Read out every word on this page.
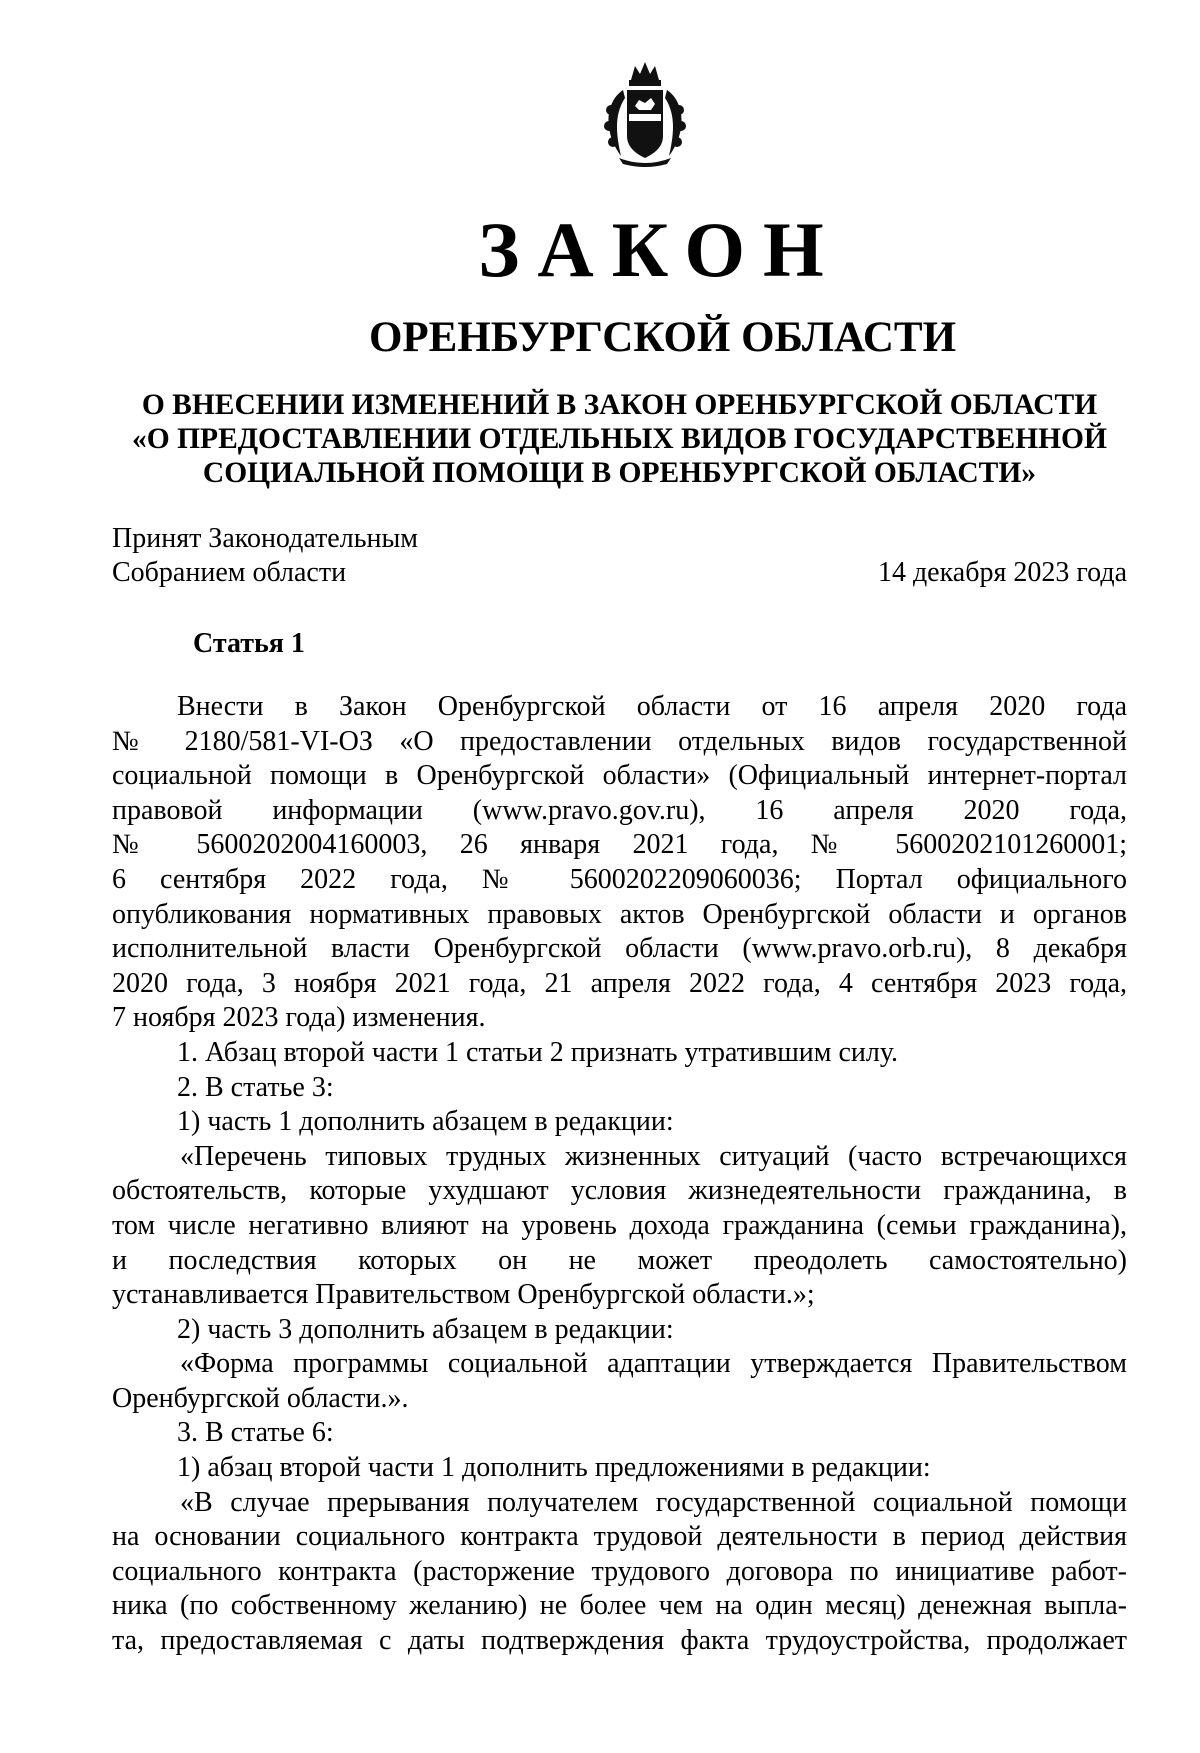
ЗАКОН
ОРЕНБУРГСКОЙ ОБЛАСТИ
О ВНЕСЕНИИ ИЗМЕНЕНИЙ В ЗАКОН ОРЕНБУРГСКОЙ ОБЛАСТИ
«О ПРЕДОСТАВЛЕНИИ ОТДЕЛЬНЫХ ВИДОВ ГОСУДАРСТВЕННОЙ
СОЦИАЛЬНОЙ ПОМОЩИ В ОРЕНБУРГСКОЙ ОБЛАСТИ»
Принят Законодательным
Собранием области	14 декабря 2023 года
Статья 1
Внести в Закон Оренбургской области от 16 апреля 2020 года
№ 2180/581-VI-ОЗ «О предоставлении отдельных видов государственной
социальной помощи в Оренбургской области» (Официальный интернет-портал
правовой информации (www.pravo.gov.ru), 16 апреля 2020 года,
№ 5600202004160003, 26 января 2021 года, № 5600202101260001;
6 сентября 2022 года, № 5600202209060036; Портал официального
опубликования нормативных правовых актов Оренбургской области и органов
исполнительной власти Оренбургской области (www.pravo.orb.ru), 8 декабря
2020 года, 3 ноября 2021 года, 21 апреля 2022 года, 4 сентября 2023 года,
7 ноября 2023 года) изменения.
1. Абзац второй части 1 статьи 2 признать утратившим силу.
2. В статье 3:
1) часть 1 дополнить абзацем в редакции:
«Перечень типовых трудных жизненных ситуаций (часто встречающихся
обстоятельств, которые ухудшают условия жизнедеятельности гражданина, в
том числе негативно влияют на уровень дохода гражданина (семьи гражданина),
и последствия которых он не может преодолеть самостоятельно)
устанавливается Правительством Оренбургской области.»;
2) часть 3 дополнить абзацем в редакции:
«Форма программы социальной адаптации утверждается Правительством
Оренбургской области.».
3. В статье 6:
1) абзац второй части 1 дополнить предложениями в редакции:
«В случае прерывания получателем государственной социальной помощи
на основании социального контракта трудовой деятельности в период действия
социального контракта (расторжение трудового договора по инициативе работ-
ника (по собственному желанию) не более чем на один месяц) денежная выпла-
та, предоставляемая с даты подтверждения факта трудоустройства, продолжает
